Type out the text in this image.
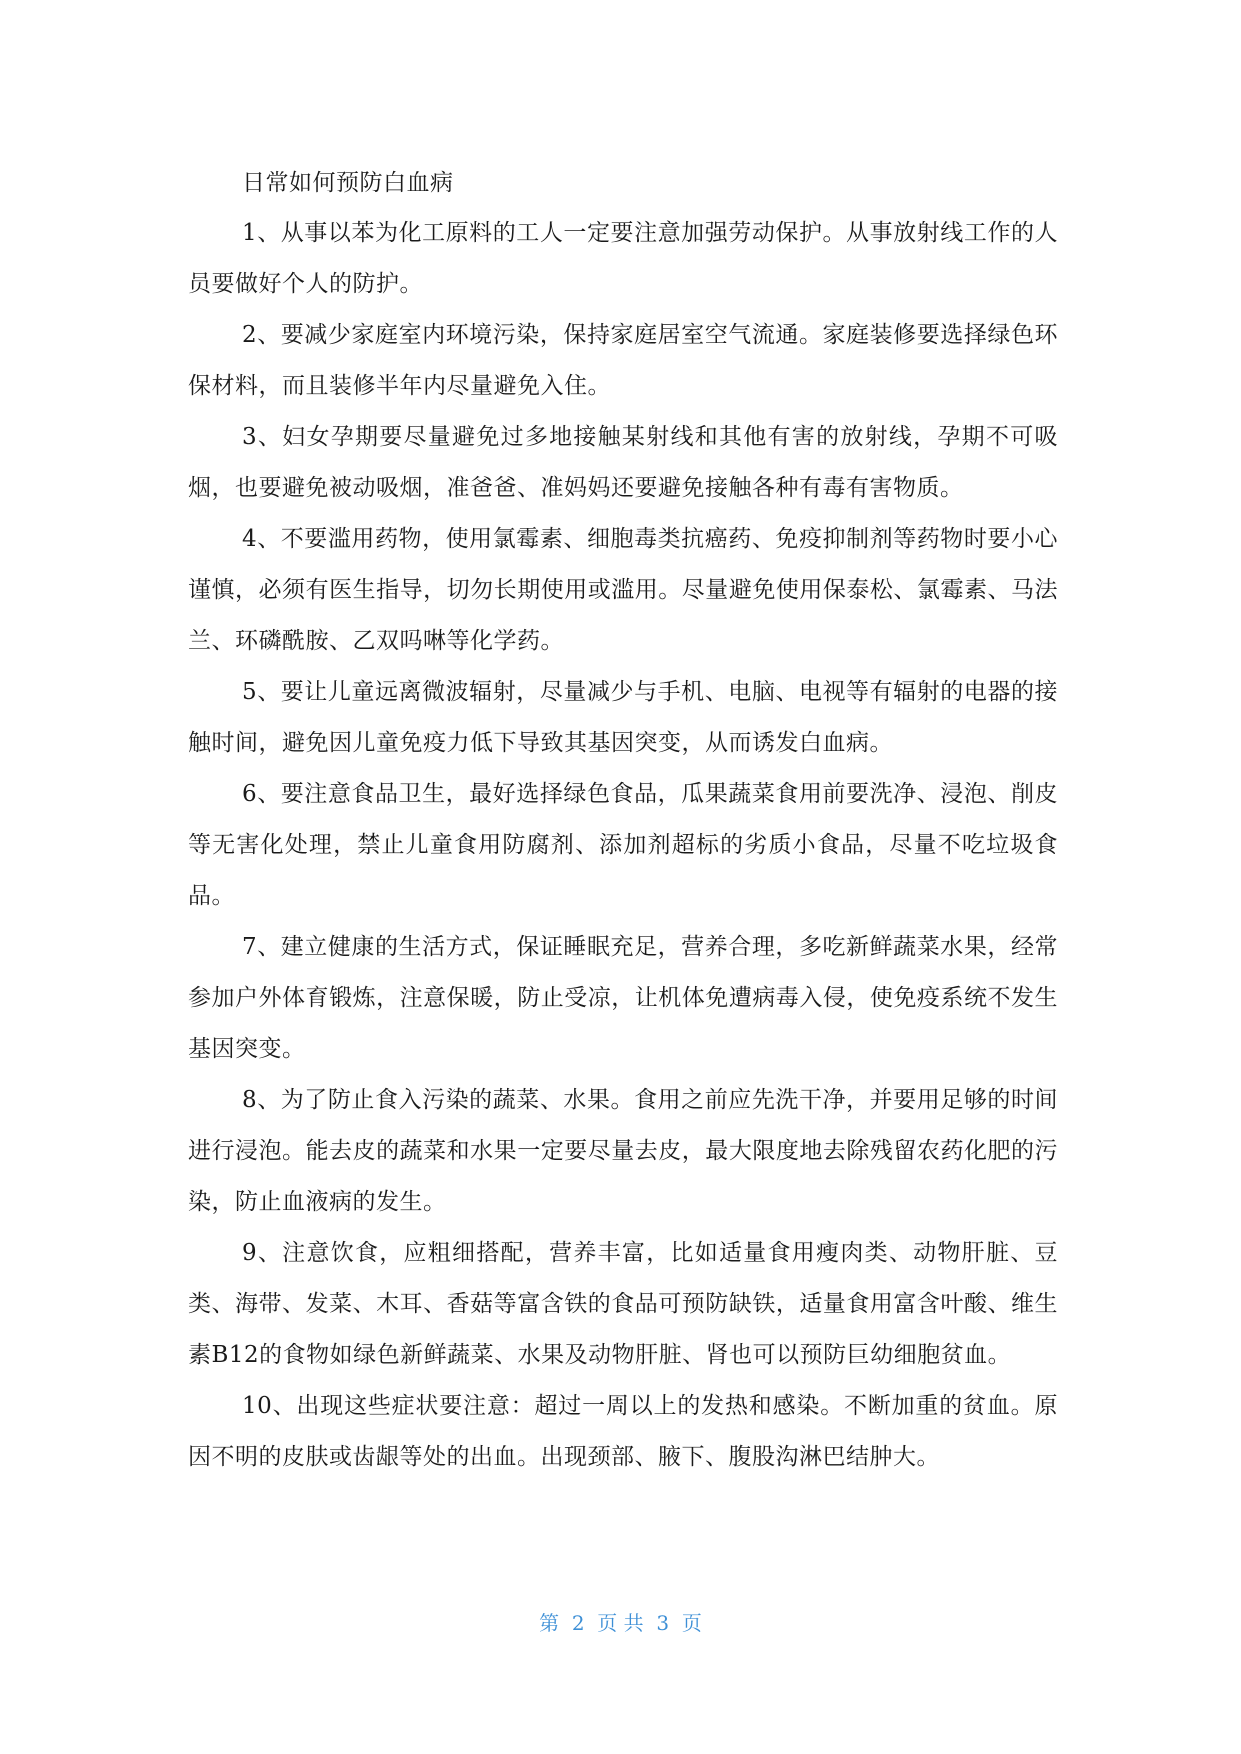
日常如何预防白血病

1、从事以苯为化工原料的工人一定要注意加强劳动保护。从事放射线工作的人员要做好个人的防护。

2、要减少家庭室内环境污染，保持家庭居室空气流通。家庭装修要选择绿色环保材料，而且装修半年内尽量避免入住。

3、妇女孕期要尽量避免过多地接触某射线和其他有害的放射线，孕期不可吸烟，也要避免被动吸烟，准爸爸、准妈妈还要避免接触各种有毒有害物质。

4、不要滥用药物，使用氯霉素、细胞毒类抗癌药、免疫抑制剂等药物时要小心谨慎，必须有医生指导，切勿长期使用或滥用。尽量避免使用保泰松、氯霉素、马法兰、环磷酰胺、乙双吗啉等化学药。

5、要让儿童远离微波辐射，尽量减少与手机、电脑、电视等有辐射的电器的接触时间，避免因儿童免疫力低下导致其基因突变，从而诱发白血病。

6、要注意食品卫生，最好选择绿色食品，瓜果蔬菜食用前要洗净、浸泡、削皮等无害化处理，禁止儿童食用防腐剂、添加剂超标的劣质小食品，尽量不吃垃圾食品。

7、建立健康的生活方式，保证睡眠充足，营养合理，多吃新鲜蔬菜水果，经常参加户外体育锻炼，注意保暖，防止受凉，让机体免遭病毒入侵，使免疫系统不发生基因突变。

8、为了防止食入污染的蔬菜、水果。食用之前应先洗干净，并要用足够的时间进行浸泡。能去皮的蔬菜和水果一定要尽量去皮，最大限度地去除残留农药化肥的污染，防止血液病的发生。

9、注意饮食，应粗细搭配，营养丰富，比如适量食用瘦肉类、动物肝脏、豆类、海带、发菜、木耳、香菇等富含铁的食品可预防缺铁，适量食用富含叶酸、维生素B12的食物如绿色新鲜蔬菜、水果及动物肝脏、肾也可以预防巨幼细胞贫血。

10、出现这些症状要注意：超过一周以上的发热和感染。不断加重的贫血。原因不明的皮肤或齿龈等处的出血。出现颈部、腋下、腹股沟淋巴结肿大。

第  2  页 共  3  页
